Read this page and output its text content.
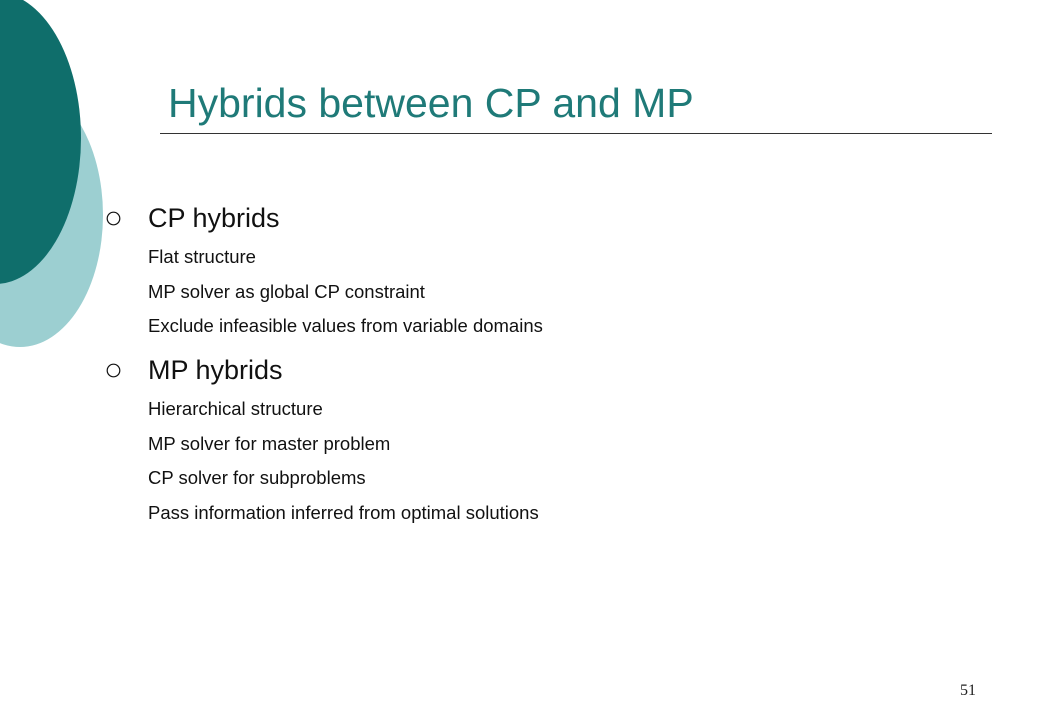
Hybrids between CP and MP
CP hybrids
Flat structure
MP solver as global CP constraint
Exclude infeasible values from variable domains
MP hybrids
Hierarchical structure
MP solver for master problem
CP solver for subproblems
Pass information inferred from optimal solutions
51
